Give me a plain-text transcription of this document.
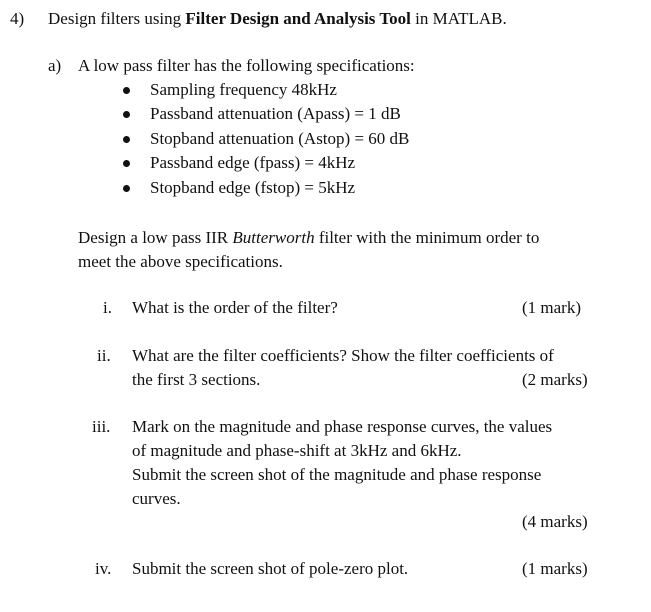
4) Design filters using Filter Design and Analysis Tool in MATLAB.
a) A low pass filter has the following specifications:
Sampling frequency 48kHz
Passband attenuation (Apass) = 1 dB
Stopband attenuation (Astop) = 60 dB
Passband edge (fpass) = 4kHz
Stopband edge (fstop) = 5kHz
Design a low pass IIR Butterworth filter with the minimum order to
meet the above specifications.
i. What is the order of the filter?	(1 mark)
ii. What are the filter coefficients? Show the filter coefficients of
the first 3 sections.	(2 marks)
iii. Mark on the magnitude and phase response curves, the values
of magnitude and phase-shift at 3kHz and 6kHz.
Submit the screen shot of the magnitude and phase response
curves.
(4 marks)
iv. Submit the screen shot of pole-zero plot.	(1 marks)
